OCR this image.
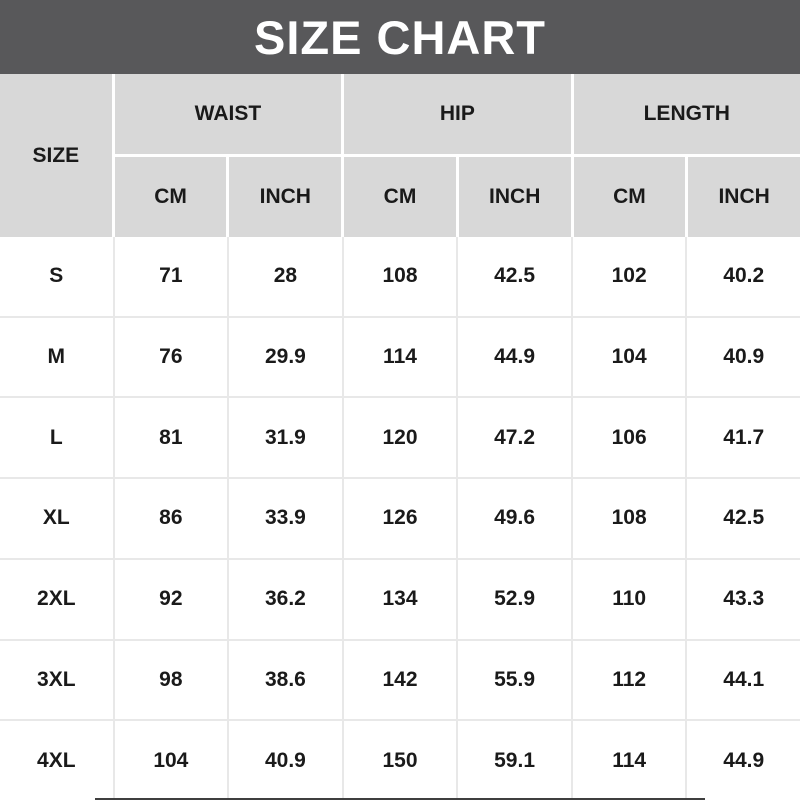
SIZE CHART
SIZE
WAIST	HIP	LENGTH
CM	INCH	CM	INCH	CM	INCH
S	71	28	108	42.5	102	40.2
M	76	29.9	114	44.9	104	40.9
L	81	31.9	120	47.2	106	41.7
XL	86	33.9	126	49.6	108	42.5
2XL	92	36.2	134	52.9	110	43.3
3XL	98	38.6	142	55.9	112	44.1
4XL	104	40.9	150	59.1	114	44.9
